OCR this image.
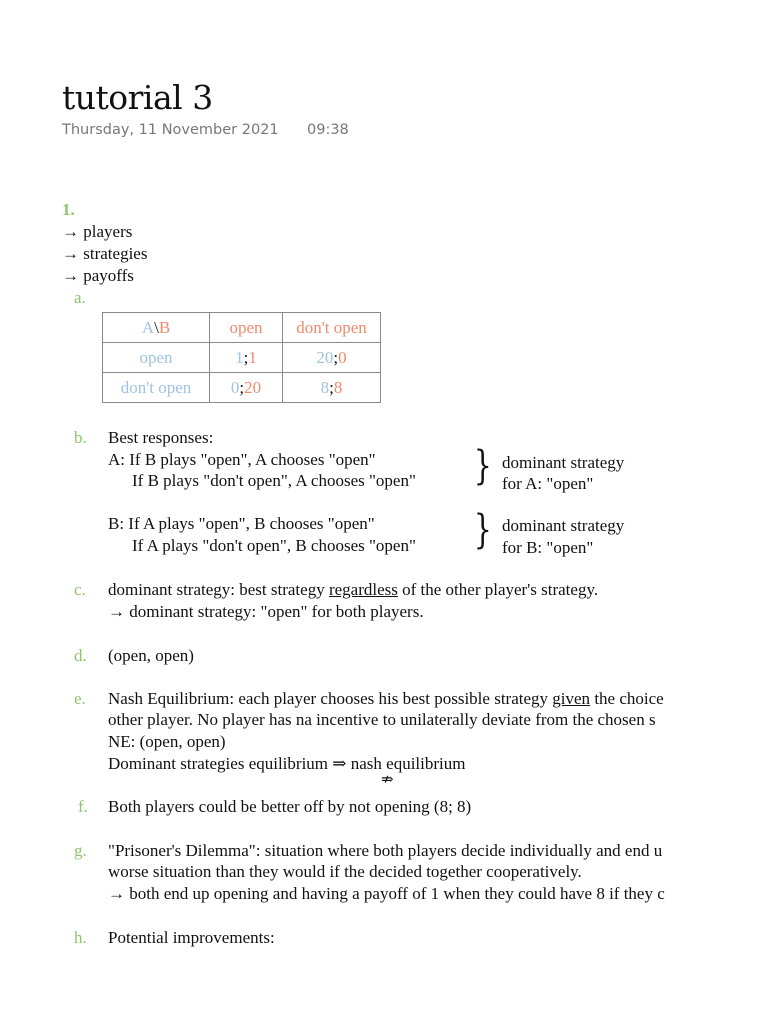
tutorial 3
Thursday, 11 November 2021 09:38
1.
→ players
→ strategies
→ payoffs
a.
A\B	open	don't open
open	1;1	20;0
don't open	0;20	8;8
b. Best responses:
A: If B plays "open", A chooses "open"
If B plays "don't open", A chooses "open" } dominant strategy
for A: "open"
B: If A plays "open", B chooses "open"
If A plays "don't open", B chooses "open" } dominant strategy
for B: "open"
c. dominant strategy: best strategy regardless of the other player's strategy.
→ dominant strategy: "open" for both players.
d. (open, open)
e. Nash Equilibrium: each player chooses his best possible strategy given the choice
other player. No player has na incentive to unilaterally deviate from the chosen s
NE: (open, open)
Dominant strategies equilibrium ⇒ nash equilibrium
⇏
f. Both players could be better off by not opening (8; 8)
g. "Prisoner's Dilemma": situation where both players decide individually and end u
worse situation than they would if the decided together cooperatively.
→ both end up opening and having a payoff of 1 when they could have 8 if they c
h. Potential improvements:
